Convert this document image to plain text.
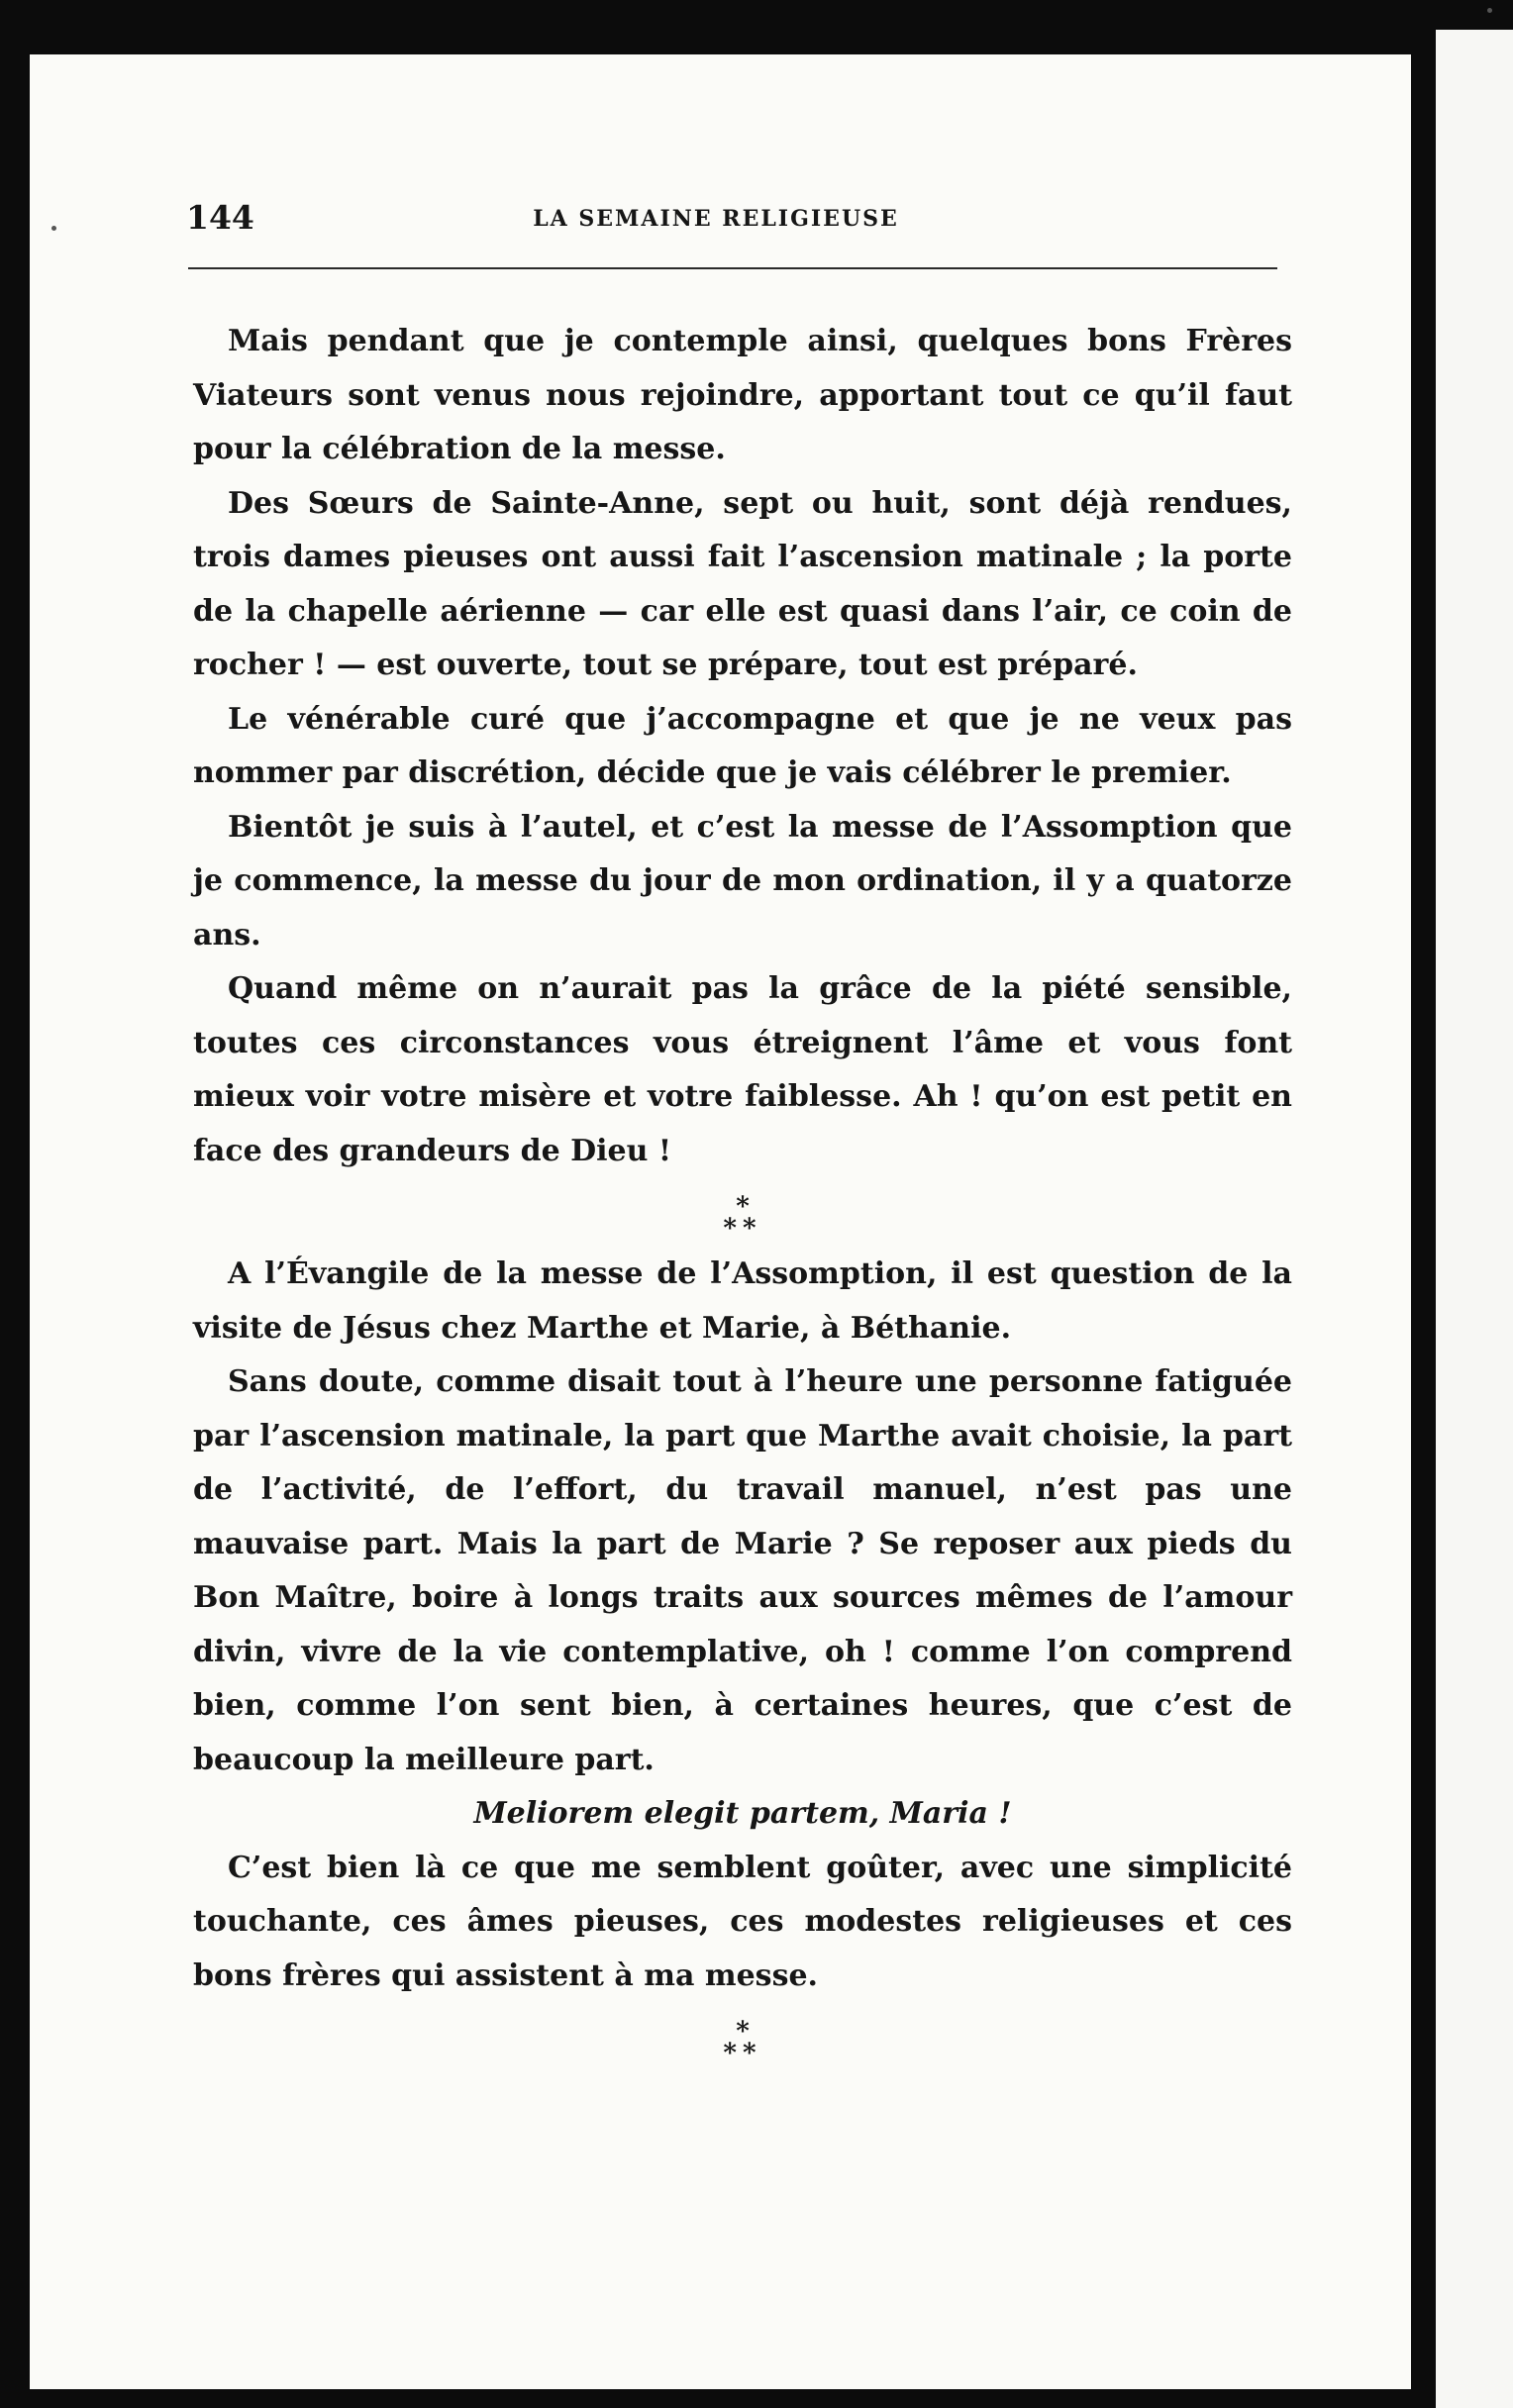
144	LA SEMAINE RELIGIEUSE

Mais pendant que je contemple ainsi, quelques bons Frères Viateurs sont venus nous rejoindre, apportant tout ce qu’il faut pour la célébration de la messe.

Des Sœurs de Sainte-Anne, sept ou huit, sont déjà rendues, trois dames pieuses ont aussi fait l’ascension matinale ; la porte de la chapelle aérienne — car elle est quasi dans l’air, ce coin de rocher ! — est ouverte, tout se prépare, tout est préparé.

Le vénérable curé que j’accompagne et que je ne veux pas nommer par discrétion, décide que je vais célébrer le premier.

Bientôt je suis à l’autel, et c’est la messe de l’Assomption que je commence, la messe du jour de mon ordination, il y a quatorze ans.

Quand même on n’aurait pas la grâce de la piété sensible, toutes ces circonstances vous étreignent l’âme et vous font mieux voir votre misère et votre faiblesse. Ah ! qu’on est petit en face des grandeurs de Dieu !

*
**

A l’Évangile de la messe de l’Assomption, il est question de la visite de Jésus chez Marthe et Marie, à Béthanie.

Sans doute, comme disait tout à l’heure une personne fatiguée par l’ascension matinale, la part que Marthe avait choisie, la part de l’activité, de l’effort, du travail manuel, n’est pas une mauvaise part. Mais la part de Marie ? Se reposer aux pieds du Bon Maître, boire à longs traits aux sources mêmes de l’amour divin, vivre de la vie contemplative, oh ! comme l’on comprend bien, comme l’on sent bien, à certaines heures, que c’est de beaucoup la meilleure part.

Meliorem elegit partem, Maria !

C’est bien là ce que me semblent goûter, avec une simplicité touchante, ces âmes pieuses, ces modestes religieuses et ces bons frères qui assistent à ma messe.

*
**
